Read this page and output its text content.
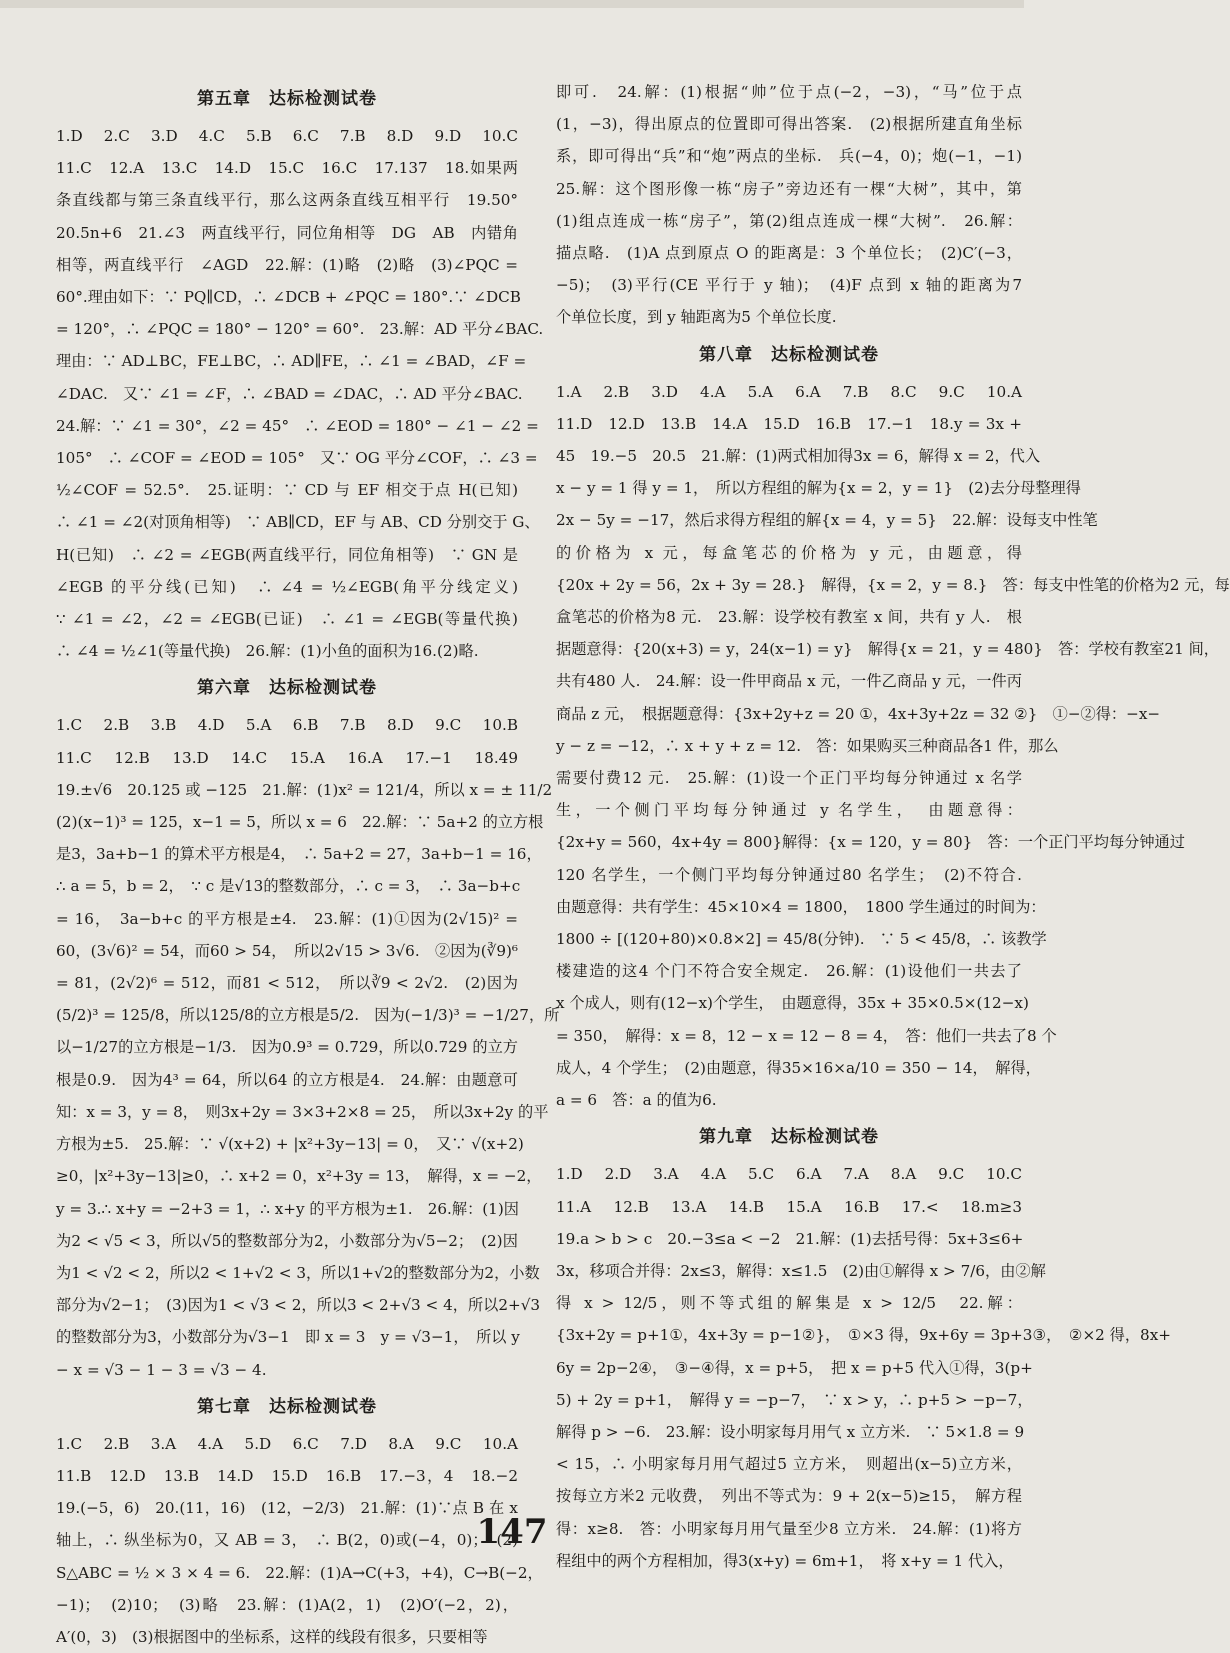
第五章　达标检测试卷

1.D　2.C　3.D　4.C　5.B　6.C　7.B　8.D　9.D　10.C

11.C　12.A　13.C　14.D　15.C　16.C　17.137　18.如果两

条直线都与第三条直线平行，那么这两条直线互相平行　19.50°

20.5n+6　21.∠3　两直线平行，同位角相等　DG　AB　内错角

相等，两直线平行　∠AGD　22.解：(1)略　(2)略　(3)∠PQC =

60°.理由如下：∵ PQ∥CD，∴ ∠DCB + ∠PQC = 180°.∵ ∠DCB

= 120°，∴ ∠PQC = 180° − 120° = 60°.　23.解：AD 平分∠BAC.

理由：∵ AD⊥BC，FE⊥BC，∴ AD∥FE，∴ ∠1 = ∠BAD，∠F =

∠DAC.　又∵ ∠1 = ∠F，∴ ∠BAD = ∠DAC，∴ AD 平分∠BAC.

24.解：∵ ∠1 = 30°，∠2 = 45°　∴ ∠EOD = 180° − ∠1 − ∠2 =

105°　∴ ∠COF = ∠EOD = 105°　又∵ OG 平分∠COF，∴ ∠3 =

½∠COF = 52.5°.　25.证明：∵ CD 与 EF 相交于点 H(已知)

∴ ∠1 = ∠2(对顶角相等)　∵ AB∥CD，EF 与 AB、CD 分别交于 G、

H(已知)　∴ ∠2 = ∠EGB(两直线平行，同位角相等)　∵ GN 是

∠EGB 的平分线(已知)　∴ ∠4 = ½∠EGB(角平分线定义)

∵ ∠1 = ∠2，∠2 = ∠EGB(已证)　∴ ∠1 = ∠EGB(等量代换)

∴ ∠4 = ½∠1(等量代换)　26.解：(1)小鱼的面积为16.(2)略.

第六章　达标检测试卷

1.C　2.B　3.B　4.D　5.A　6.B　7.B　8.D　9.C　10.B

11.C　12.B　13.D　14.C　15.A　16.A　17.−1　18.49

19.±√6　20.125 或 −125　21.解：(1)x² = 121/4，所以 x = ± 11/2

(2)(x−1)³ = 125，x−1 = 5，所以 x = 6　22.解：∵ 5a+2 的立方根

是3，3a+b−1 的算术平方根是4，　∴ 5a+2 = 27，3a+b−1 = 16，

∴ a = 5，b = 2，　∵ c 是√13的整数部分，∴ c = 3，　∴ 3a−b+c

= 16，　3a−b+c 的平方根是±4.　23.解：(1)①因为(2√15)² =

60，(3√6)² = 54，而60 > 54，　所以2√15 > 3√6.　②因为(∛9)⁶

= 81，(2√2)⁶ = 512，而81 < 512，　所以∛9 < 2√2.　(2)因为

(5/2)³ = 125/8，所以125/8的立方根是5/2.　因为(−1/3)³ = −1/27，所

以−1/27的立方根是−1/3.　因为0.9³ = 0.729，所以0.729 的立方

根是0.9.　因为4³ = 64，所以64 的立方根是4.　24.解：由题意可

知：x = 3，y = 8，　则3x+2y = 3×3+2×8 = 25，　所以3x+2y 的平

方根为±5.　25.解：∵ √(x+2) + |x²+3y−13| = 0，　又∵ √(x+2)

≥0，|x²+3y−13|≥0，∴ x+2 = 0，x²+3y = 13，　解得，x = −2，

y = 3.∴ x+y = −2+3 = 1，∴ x+y 的平方根为±1.　26.解：(1)因

为2 < √5 < 3，所以√5的整数部分为2，小数部分为√5−2；　(2)因

为1 < √2 < 2，所以2 < 1+√2 < 3，所以1+√2的整数部分为2，小数

部分为√2−1；　(3)因为1 < √3 < 2，所以3 < 2+√3 < 4，所以2+√3

的整数部分为3，小数部分为√3−1　即 x = 3　y = √3−1，　所以 y

− x = √3 − 1 − 3 = √3 − 4.

第七章　达标检测试卷

1.C　2.B　3.A　4.A　5.D　6.C　7.D　8.A　9.C　10.A

11.B　12.D　13.B　14.D　15.D　16.B　17.−3，4　18.−2

19.(−5，6)　20.(11，16)　(12，−2/3)　21.解：(1)∵点 B 在 x

轴上，∴ 纵坐标为0，又 AB = 3，　∴ B(2，0)或(−4，0)；　(2)

S△ABC = ½ × 3 × 4 = 6.　22.解：(1)A→C(+3，+4)，C→B(−2，

−1)；　(2)10；　(3)略　23.解：(1)A(2，1)　(2)O′(−2，2)，

A′(0，3)　(3)根据图中的坐标系，这样的线段有很多，只要相等

即可.　24.解：(1)根据“帅”位于点(−2，−3)，“马”位于点

(1，−3)，得出原点的位置即可得出答案.　(2)根据所建直角坐标

系，即可得出“兵”和“炮”两点的坐标.　兵(−4，0)；炮(−1，−1)

25.解：这个图形像一栋“房子”旁边还有一棵“大树”，其中，第

(1)组点连成一栋“房子”，第(2)组点连成一棵“大树”.　26.解：

描点略.　(1)A 点到原点 O 的距离是：3 个单位长；　(2)C′(−3，

−5)；　(3)平行(CE 平行于 y 轴)；　(4)F 点到 x 轴的距离为7

个单位长度，到 y 轴距离为5 个单位长度.

第八章　达标检测试卷

1.A　2.B　3.D　4.A　5.A　6.A　7.B　8.C　9.C　10.A

11.D　12.D　13.B　14.A　15.D　16.B　17.−1　18.y = 3x +

45　19.−5　20.5　21.解：(1)两式相加得3x = 6，解得 x = 2，代入

x − y = 1 得 y = 1，　所以方程组的解为{x = 2，y = 1}　(2)去分母整理得

2x − 5y = −17，然后求得方程组的解{x = 4，y = 5}　22.解：设每支中性笔

的价格为 x 元，每盒笔芯的价格为 y 元，由题意，得

{20x + 2y = 56，2x + 3y = 28.}　解得，{x = 2，y = 8.}　答：每支中性笔的价格为2 元，每

盒笔芯的价格为8 元.　23.解：设学校有教室 x 间，共有 y 人.　根

据题意得：{20(x+3) = y，24(x−1) = y}　解得{x = 21，y = 480}　答：学校有教室21 间，

共有480 人.　24.解：设一件甲商品 x 元，一件乙商品 y 元，一件丙

商品 z 元，　根据题意得：{3x+2y+z = 20 ①，4x+3y+2z = 32 ②}　①−②得：−x−

y − z = −12，∴ x + y + z = 12.　答：如果购买三种商品各1 件，那么

需要付费12 元.　25.解：(1)设一个正门平均每分钟通过 x 名学

生，一个侧门平均每分钟通过 y 名学生，　由题意得：

{2x+y = 560，4x+4y = 800}解得：{x = 120，y = 80}　答：一个正门平均每分钟通过

120 名学生，一个侧门平均每分钟通过80 名学生；　(2)不符合.

由题意得：共有学生：45×10×4 = 1800，　1800 学生通过的时间为：

1800 ÷ [(120+80)×0.8×2] = 45/8(分钟).　∵ 5 < 45/8，∴ 该教学

楼建造的这4 个门不符合安全规定.　26.解：(1)设他们一共去了

x 个成人，则有(12−x)个学生，　由题意得，35x + 35×0.5×(12−x)

= 350，　解得：x = 8，12 − x = 12 − 8 = 4，　答：他们一共去了8 个

成人，4 个学生；　(2)由题意，得35×16×a/10 = 350 − 14，　解得，

a = 6　答：a 的值为6.

第九章　达标检测试卷

1.D　2.D　3.A　4.A　5.C　6.A　7.A　8.A　9.C　10.C

11.A　12.B　13.A　14.B　15.A　16.B　17.<　18.m≥3

19.a > b > c　20.−3≤a < −2　21.解：(1)去括号得：5x+3≤6+

3x，移项合并得：2x≤3，解得：x≤1.5　(2)由①解得 x > 7/6，由②解

得 x > 12/5，则不等式组的解集是 x > 12/5　22.解：

{3x+2y = p+1①，4x+3y = p−1②}，　①×3 得，9x+6y = 3p+3③，　②×2 得，8x+

6y = 2p−2④，　③−④得，x = p+5，　把 x = p+5 代入①得，3(p+

5) + 2y = p+1，　解得 y = −p−7，　∵ x > y，∴ p+5 > −p−7，

解得 p > −6.　23.解：设小明家每月用气 x 立方米.　∵ 5×1.8 = 9

< 15，∴ 小明家每月用气超过5 立方米，　则超出(x−5)立方米，

按每立方米2 元收费，　列出不等式为：9 + 2(x−5)≥15，　解方程

得：x≥8.　答：小明家每月用气量至少8 立方米.　24.解：(1)将方

程组中的两个方程相加，得3(x+y) = 6m+1，　将 x+y = 1 代入，

147
